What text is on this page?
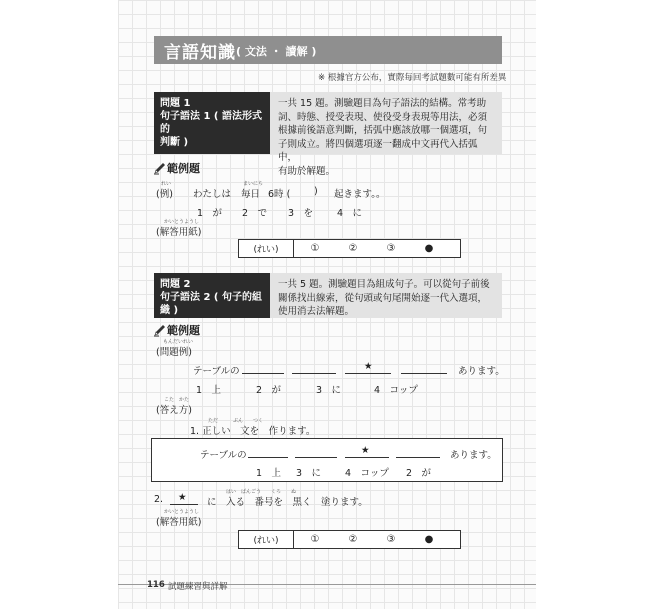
言語知識 ( 文法 ・ 讀解 )
※ 根據官方公布，實際每回考試題數可能有所差異
問題 1
句子語法 1 ( 語法形式的
判斷 )
一共 15 題。測驗題目為句子語法的結構。常考助
詞、時態、授受表現、使役受身表現等用法，必須
根據前後語意判斷，括弧中應該放哪一個選項，句
子則成立。將四個選項逐一翻成中文再代入括弧中，
有助於解題。
範例題
れい
(例) わたしは
まいにち
毎日 6時 ( ) 起きます。。
1　が 2　で 3　を	4　に
かいとうようし
(解答用紙)
(れい)	①	②	③	●
問題 2
句子語法 2 ( 句子的組織 )
一共 5 題。測驗題目為組成句子。可以從句子前後
關係找出線索，從句頭或句尾開始逐一代入選項，
使用消去法解題。
範例題
もんだいれい
(問題例)
テーブルの	★	あります。
1　上	2　が	3　に	4　コップ
こた　かた
(答え方)
ただ　　　ぶん　　つく
1. 正しい　文を　作ります。
テーブルの	★	あります。
1　上 3　に	4　コップ 2　が
2. ★	はい　ばんごう　　くろ　　ぬ
に　入る　番号を　黒く　塗ります。
かいとうようし
(解答用紙)
(れい)	①	②	③	●
116 試題練習與詳解
